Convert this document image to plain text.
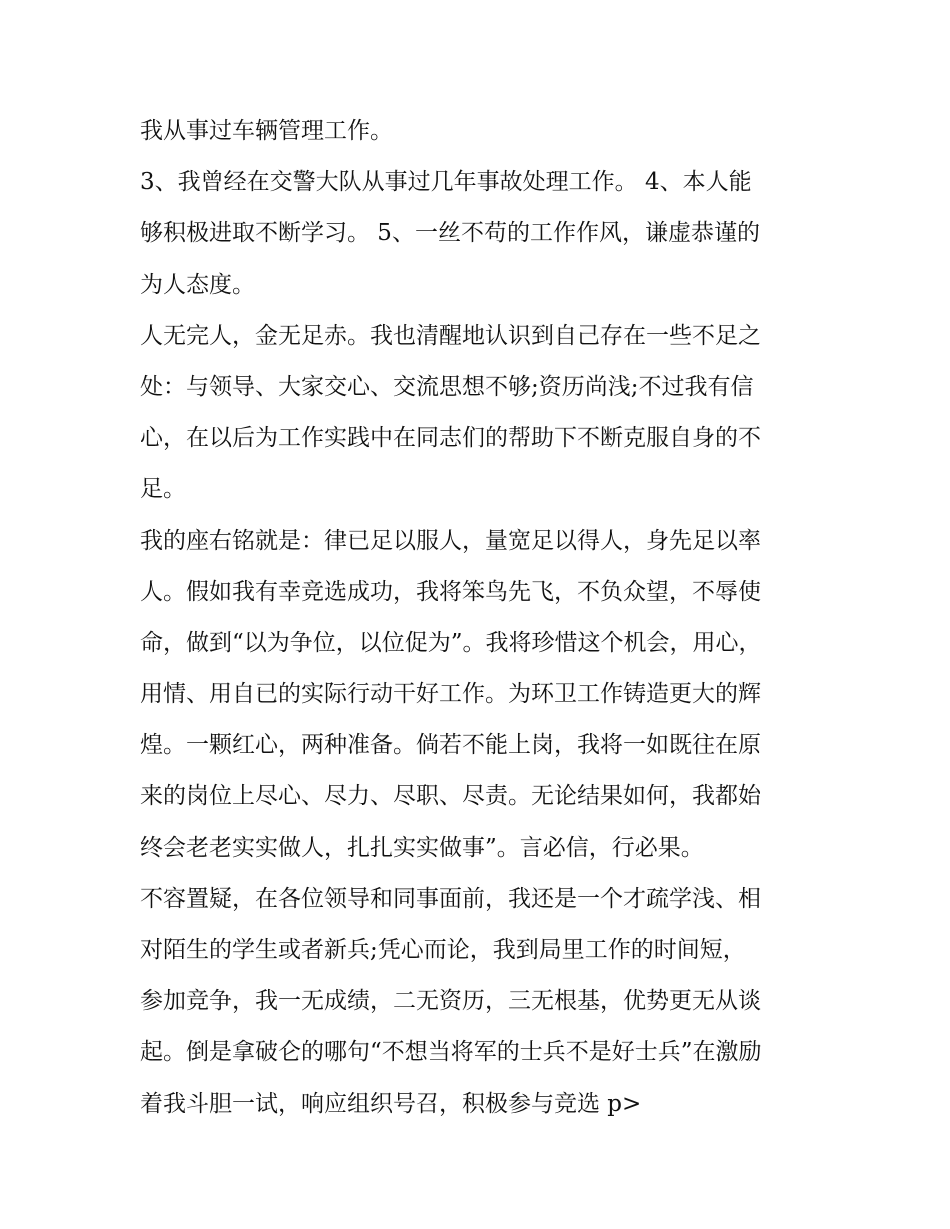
我从事过车辆管理工作。
3、我曾经在交警大队从事过几年事故处理工作。 4、本人能
够积极进取不断学习。 5、一丝不苟的工作作风，谦虚恭谨的
为人态度。
人无完人，金无足赤。我也清醒地认识到自己存在一些不足之
处：与领导、大家交心、交流思想不够;资历尚浅;不过我有信
心，在以后为工作实践中在同志们的帮助下不断克服自身的不
足。
我的座右铭就是：律已足以服人，量宽足以得人，身先足以率
人。假如我有幸竞选成功，我将笨鸟先飞，不负众望，不辱使
命，做到“以为争位，以位促为”。我将珍惜这个机会，用心，
用情、用自已的实际行动干好工作。为环卫工作铸造更大的辉
煌。一颗红心，两种准备。倘若不能上岗，我将一如既往在原
来的岗位上尽心、尽力、尽职、尽责。无论结果如何，我都始
终会老老实实做人，扎扎实实做事”。言必信，行必果。
不容置疑，在各位领导和同事面前，我还是一个才疏学浅、相
对陌生的学生或者新兵;凭心而论，我到局里工作的时间短，
参加竞争，我一无成绩，二无资历，三无根基，优势更无从谈
起。倒是拿破仑的哪句“不想当将军的士兵不是好士兵”在激励
着我斗胆一试，响应组织号召，积极参与竞选 p>
